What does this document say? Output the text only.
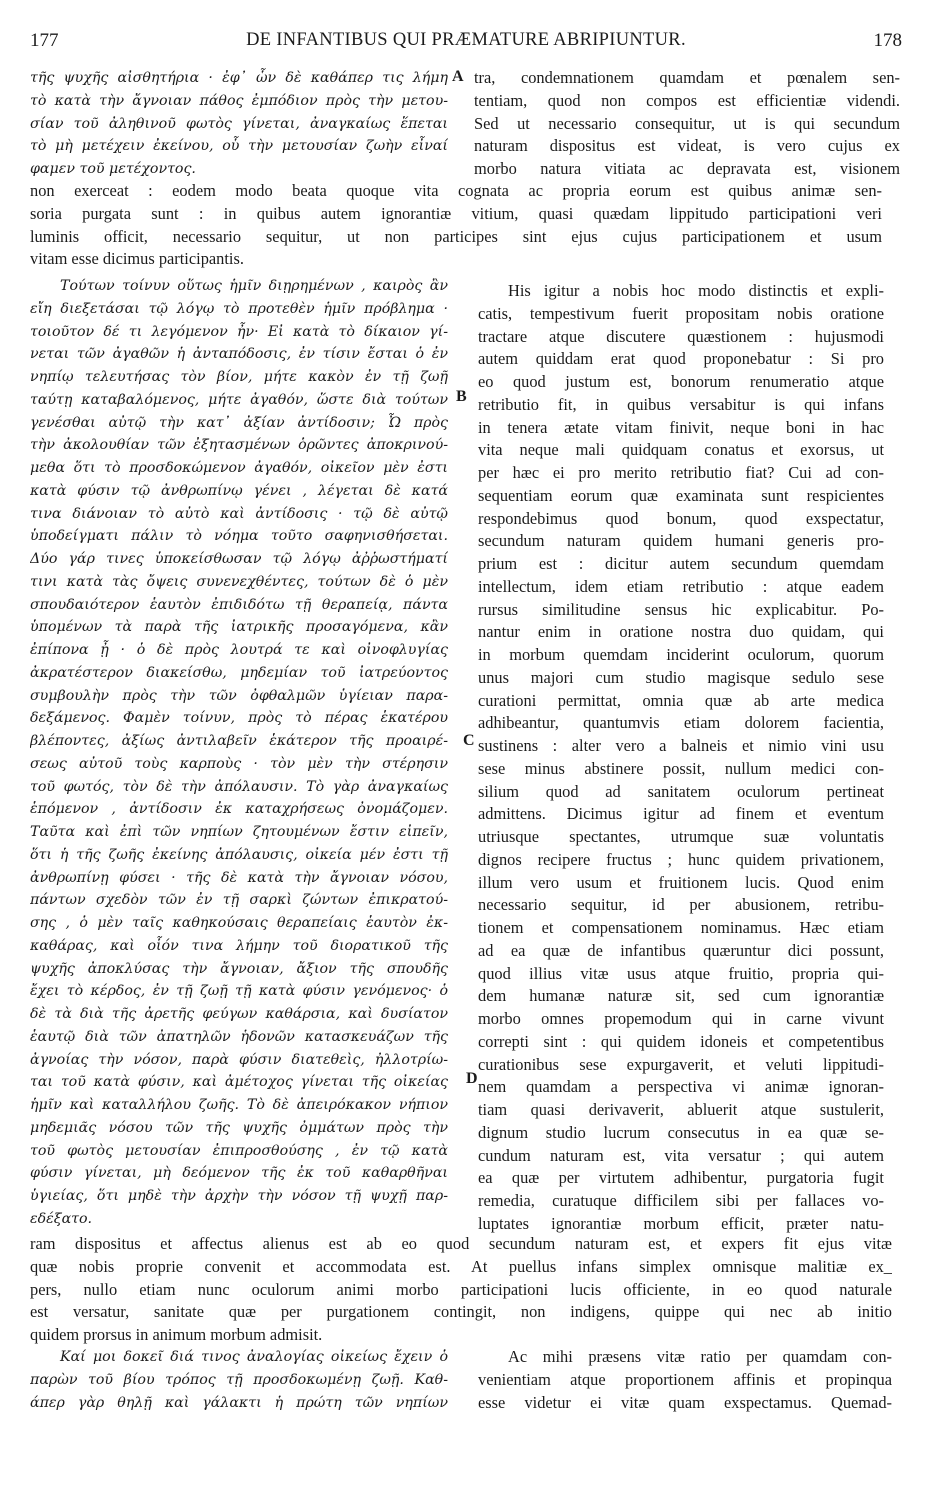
177	DE INFANTIBUS QUI PRÆMATURE ABRIPIUNTUR.	178
A
B
C
D
τῆς ψυχῆς αἰσθητήρια · ἐφ᾽ ὧν δὲ καθάπερ τις λήμη
τὸ κατὰ τὴν ἄγνοιαν πάθος ἐμπόδιον πρὸς τὴν μετου-
σίαν τοῦ ἀληθινοῦ φωτὸς γίνεται, ἀναγκαίως ἕπεται
τὸ μὴ μετέχειν ἐκείνου, οὗ τὴν μετουσίαν ζωὴν εἶναί
φαμεν τοῦ μετέχοντος.
tra, condemnationem quamdam et pœnalem sen-
tentiam, quod non compos est efficientiæ videndi.
Sed ut necessario consequitur, ut is qui secundum
naturam dispositus est videat, is vero cujus ex
morbo natura vitiata ac depravata est, visionem
non exerceat : eodem modo beata quoque vita cognata ac propria eorum est quibus animæ sen-
soria purgata sunt : in quibus autem ignorantiæ vitium, quasi quædam lippitudo participationi veri
luminis officit, necessario sequitur, ut non participes sint ejus cujus participationem et usum
vitam esse dicimus participantis.
Τούτων τοίνυν οὕτως ἡμῖν διῃρημένων , καιρὸς ἂν
εἴη διεξετάσαι τῷ λόγῳ τὸ προτεθὲν ἡμῖν πρόβλημα ·
τοιοῦτον δέ τι λεγόμενον ἦν· Εἰ κατὰ τὸ δίκαιον γί-
νεται τῶν ἀγαθῶν ἡ ἀνταπόδοσις, ἐν τίσιν ἔσται ὁ ἐν
νηπίῳ τελευτήσας τὸν βίον, μήτε κακὸν ἐν τῇ ζωῇ
ταύτῃ καταβαλόμενος, μήτε ἀγαθόν, ὥστε διὰ τούτων
γενέσθαι αὐτῷ τὴν κατ᾽ ἀξίαν ἀντίδοσιν; Ὦ πρὸς
τὴν ἀκολουθίαν τῶν ἐξητασμένων ὁρῶντες ἀποκρινού-
μεθα ὅτι τὸ προσδοκώμενον ἀγαθόν, οἰκεῖον μὲν ἐστι
κατὰ φύσιν τῷ ἀνθρωπίνῳ γένει , λέγεται δὲ κατά
τινα διάνοιαν τὸ αὐτὸ καὶ ἀντίδοσις · τῷ δὲ αὐτῷ
ὑποδείγματι πάλιν τὸ νόημα τοῦτο σαφηνισθήσεται.
Δύο γάρ τινες ὑποκείσθωσαν τῷ λόγῳ ἀῤῥωστήματί
τινι κατὰ τὰς ὄψεις συνενεχθέντες, τούτων δὲ ὁ μὲν
σπουδαιότερον ἑαυτὸν ἐπιδιδότω τῇ θεραπείᾳ, πάντα
ὑπομένων τὰ παρὰ τῆς ἰατρικῆς προσαγόμενα, κἂν
ἐπίπονα ᾖ · ὁ δὲ πρὸς λουτρά τε καὶ οἰνοφλυγίας
ἀκρατέστερον διακείσθω, μηδεμίαν τοῦ ἰατρεύοντος
συμβουλὴν πρὸς τὴν τῶν ὀφθαλμῶν ὑγίειαν παρα-
δεξάμενος. Φαμὲν τοίνυν, πρὸς τὸ πέρας ἑκατέρου
βλέποντες, ἀξίως ἀντιλαβεῖν ἑκάτερον τῆς προαιρέ-
σεως αὐτοῦ τοὺς καρποὺς · τὸν μὲν τὴν στέρησιν
τοῦ φωτός, τὸν δὲ τὴν ἀπόλαυσιν. Τὸ γὰρ ἀναγκαίως
ἑπόμενον , ἀντίδοσιν ἐκ καταχρήσεως ὀνομάζομεν.
Ταῦτα καὶ ἐπὶ τῶν νηπίων ζητουμένων ἔστιν εἰπεῖν,
ὅτι ἡ τῆς ζωῆς ἐκείνης ἀπόλαυσις, οἰκεία μέν ἐστι τῇ
ἀνθρωπίνῃ φύσει · τῆς δὲ κατὰ τὴν ἄγνοιαν νόσου,
πάντων σχεδὸν τῶν ἐν τῇ σαρκὶ ζώντων ἐπικρατού-
σης , ὁ μὲν ταῖς καθηκούσαις θεραπείαις ἑαυτὸν ἐκ-
καθάρας, καὶ οἷόν τινα λήμην τοῦ διορατικοῦ τῆς
ψυχῆς ἀποκλύσας τὴν ἄγνοιαν, ἄξιον τῆς σπουδῆς
ἔχει τὸ κέρδος, ἐν τῇ ζωῇ τῇ κατὰ φύσιν γενόμενος· ὁ
δὲ τὰ διὰ τῆς ἀρετῆς φεύγων καθάρσια, καὶ δυσίατον
ἑαυτῷ διὰ τῶν ἀπατηλῶν ἡδονῶν κατασκευάζων τῆς
ἀγνοίας τὴν νόσον, παρὰ φύσιν διατεθεὶς, ἠλλοτρίω-
ται τοῦ κατὰ φύσιν, καὶ ἀμέτοχος γίνεται τῆς οἰκείας
ἡμῖν καὶ καταλλήλου ζωῆς. Τὸ δὲ ἀπειρόκακον νήπιον
μηδεμιᾶς νόσου τῶν τῆς ψυχῆς ὀμμάτων πρὸς τὴν
τοῦ φωτὸς μετουσίαν ἐπιπροσθούσης , ἐν τῷ κατὰ
φύσιν γίνεται, μὴ δεόμενον τῆς ἐκ τοῦ καθαρθῆναι
ὑγιείας, ὅτι μηδὲ τὴν ἀρχὴν τὴν νόσον τῇ ψυχῇ παρ-
εδέξατο.
His igitur a nobis hoc modo distinctis et expli-
catis, tempestivum fuerit propositam nobis oratione
tractare atque discutere quæstionem : hujusmodi
autem quiddam erat quod proponebatur : Si pro
eo quod justum est, bonorum renumeratio atque
retributio fit, in quibus versabitur is qui infans
in tenera ætate vitam finivit, neque boni in hac
vita neque mali quidquam conatus et exorsus, ut
per hæc ei pro merito retributio fiat? Cui ad con-
sequentiam eorum quæ examinata sunt respicientes
respondebimus quod bonum, quod exspectatur,
secundum naturam quidem humani generis pro-
prium est : dicitur autem secundum quemdam
intellectum, idem etiam retributio : atque eadem
rursus similitudine sensus hic explicabitur. Po-
nantur enim in oratione nostra duo quidam, qui
in morbum quemdam inciderint oculorum, quorum
unus majori cum studio magisque sedulo sese
curationi permittat, omnia quæ ab arte medica
adhibeantur, quantumvis etiam dolorem facientia,
sustinens : alter vero a balneis et nimio vini usu
sese minus abstinere possit, nullum medici con-
silium quod ad sanitatem oculorum pertineat
admittens. Dicimus igitur ad finem et eventum
utriusque spectantes, utrumque suæ voluntatis
dignos recipere fructus ; hunc quidem privationem,
illum vero usum et fruitionem lucis. Quod enim
necessario sequitur, id per abusionem, retribu-
tionem et compensationem nominamus. Hæc etiam
ad ea quæ de infantibus quæruntur dici possunt,
quod illius vitæ usus atque fruitio, propria qui-
dem humanæ naturæ sit, sed cum ignorantiæ
morbo omnes propemodum qui in carne vivunt
correpti sint : qui quidem idoneis et competentibus
curationibus sese expurgaverit, et veluti lippitudi-
nem quamdam a perspectiva vi animæ ignoran-
tiam quasi derivaverit, abluerit atque sustulerit,
dignum studio lucrum consecutus in ea quæ se-
cundum naturam est, vita versatur ; qui autem
ea quæ per virtutem adhibentur, purgatoria fugit
remedia, curatuque difficilem sibi per fallaces vo-
luptates ignorantiæ morbum efficit, præter natu-
ram dispositus et affectus alienus est ab eo quod secundum naturam est, et expers fit ejus vitæ
quæ nobis proprie convenit et accommodata est. At puellus infans simplex omnisque malitiæ ex_
pers, nullo etiam nunc oculorum animi morbo participationi lucis officiente, in eo quod naturale
est versatur, sanitate quæ per purgationem contingit, non indigens, quippe qui nec ab initio
quidem prorsus in animum morbum admisit.
Καί μοι δοκεῖ διά τινος ἀναλογίας οἰκείως ἔχειν ὁ
παρὼν τοῦ βίου τρόπος τῇ προσδοκωμένῃ ζωῇ. Καθ-
άπερ γὰρ θηλῇ καὶ γάλακτι ἡ πρώτη τῶν νηπίων
Ac mihi præsens vitæ ratio per quamdam con-
venientiam atque proportionem affinis et propinqua
esse videtur ei vitæ quam exspectamus. Quemad-
